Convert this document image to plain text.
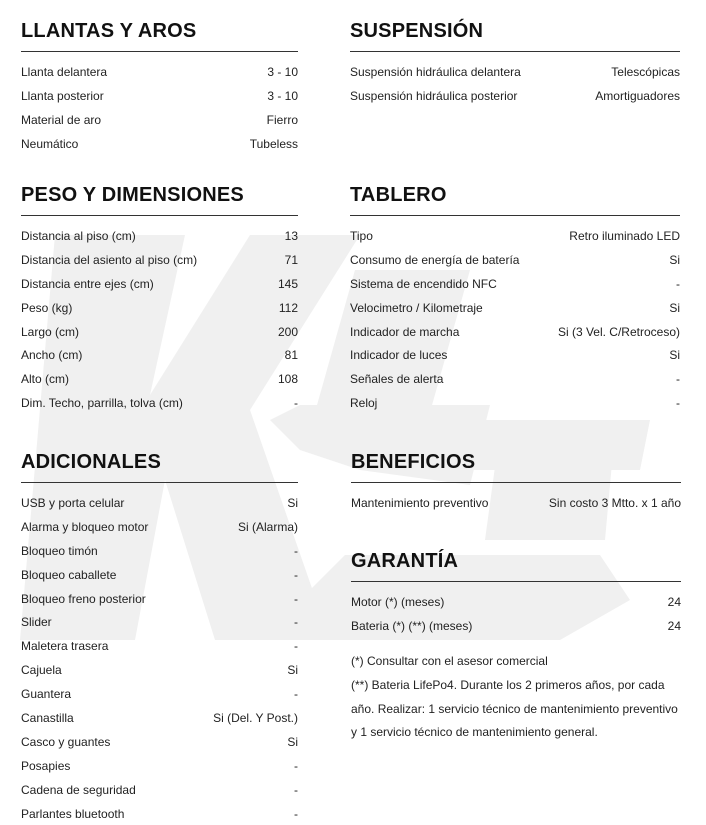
LLANTAS Y AROS
Llanta delantera	3 - 10
Llanta posterior	3 - 10
Material de aro	Fierro
Neumático	Tubeless
SUSPENSIÓN
Suspensión hidráulica delantera	Telescópicas
Suspensión hidráulica posterior	Amortiguadores
PESO Y DIMENSIONES
Distancia al piso (cm)	13
Distancia del asiento al piso (cm)	71
Distancia entre ejes (cm)	145
Peso (kg)	112
Largo (cm)	200
Ancho (cm)	81
Alto (cm)	108
Dim. Techo, parrilla, tolva (cm)	-
TABLERO
Tipo	Retro iluminado LED
Consumo de energía de batería	Si
Sistema de encendido NFC	-
Velocimetro / Kilometraje	Si
Indicador de marcha	Si (3 Vel. C/Retroceso)
Indicador de luces	Si
Señales de alerta	-
Reloj	-
ADICIONALES
USB y porta celular	Si
Alarma y bloqueo motor	Si (Alarma)
Bloqueo timón	-
Bloqueo caballete	-
Bloqueo freno posterior	-
Slider	-
Maletera trasera	-
Cajuela	Si
Guantera	-
Canastilla	Si (Del. Y Post.)
Casco y guantes	Si
Posapies	-
Cadena de seguridad	-
Parlantes bluetooth	-
BENEFICIOS
Mantenimiento preventivo	Sin costo 3 Mtto. x 1 año
GARANTÍA
Motor (*) (meses)	24
Bateria (*) (**) (meses)	24
(*) Consultar con el asesor comercial
(**) Bateria LifePo4. Durante los 2 primeros años, por cada
año. Realizar: 1 servicio técnico de mantenimiento preventivo
y 1 servicio técnico de mantenimiento general.
